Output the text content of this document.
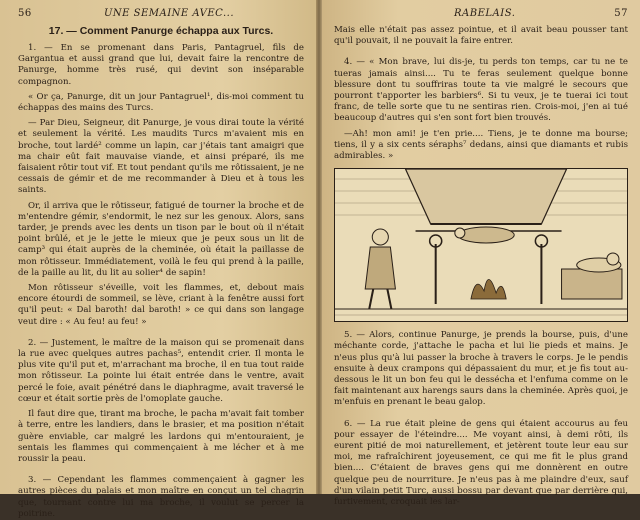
56	UNE SEMAINE AVEC...
17. — Comment Panurge échappa aux Turcs.

1. — En se promenant dans Paris, Pantagruel, fils de Gargantua et aussi grand que lui, devait faire la rencontre de Panurge, homme très rusé, qui devint son inséparable compagnon.

« Or ça, Panurge, dit un jour Pantagruel¹, dis-moi comment tu échappas des mains des Turcs.

— Par Dieu, Seigneur, dit Panurge, je vous dirai toute la vérité et seulement la vérité. Les maudits Turcs m'avaient mis en broche, tout lardé² comme un lapin, car j'étais tant amaigri que ma chair eût fait mauvaise viande, et ainsi préparé, ils me faisaient rôtir tout vif. Et tout pendant qu'ils me rôtissaient, je ne cessais de gémir et de me recommander à Dieu et à tous les saints.

Or, il arriva que le rôtisseur, fatigué de tourner la broche et de m'entendre gémir, s'endormit, le nez sur les genoux. Alors, sans tarder, je prends avec les dents un tison par le bout où il n'était point brûlé, et je le jette le mieux que je peux sous un lit de camp³ qui était auprès de la cheminée, où était la paillasse de mon rôtisseur. Immédiatement, voilà le feu qui prend à la paille, de la paille au lit, du lit au solier⁴ de sapin!

Mon rôtisseur s'éveille, voit les flammes, et, debout mais encore étourdi de sommeil, se lève, criant à la fenêtre aussi fort qu'il peut: « Dal baroth! dal baroth! » ce qui dans son langage veut dire : « Au feu! au feu! »

2. — Justement, le maître de la maison qui se promenait dans la rue avec quelques autres pachas⁵, entendit crier. Il monta le plus vite qu'il put et, m'arrachant ma broche, il en tua tout raide mon rôtisseur. La pointe lui était entrée dans le ventre, avait percé le foie, avait pénétré dans le diaphragme, avait traversé le cœur et était sortie près de l'omoplate gauche.

Il faut dire que, tirant ma broche, le pacha m'avait fait tomber à terre, entre les landiers, dans le brasier, et ma position n'était guère enviable, car malgré les lardons qui m'entouraient, je sentais les flammes qui commençaient à me lécher et à me roussir la peau.

3. — Cependant les flammes commençaient à gagner les autres pièces du palais et mon maître en conçut un tel chagrin que, tournant contre lui ma broche, il voulut se percer la poitrine.

RABELAIS.	57

Mais elle n'était pas assez pointue, et il avait beau pousser tant qu'il pouvait, il ne pouvait la faire entrer.

4. — « Mon brave, lui dis-je, tu perds ton temps, car tu ne te tueras jamais ainsi.... Tu te feras seulement quelque bonne blessure dont tu souffriras toute ta vie malgré le secours que pourront t'apporter les barbiers⁶. Si tu veux, je te tuerai ici tout franc, de telle sorte que tu ne sentiras rien. Crois-moi, j'en ai tué beaucoup d'autres qui s'en sont fort bien trouvés.

—Ah! mon ami! je t'en prie.... Tiens, je te donne ma bourse; tiens, il y a six cents séraphs⁷ dedans, ainsi que diamants et rubis admirables. »

5. — Alors, continue Panurge, je prends la bourse, puis, d'une méchante corde, j'attache le pacha et lui lie pieds et mains. Je n'eus plus qu'à lui passer la broche à travers le corps. Je le pendis ensuite à deux crampons qui dépassaient du mur, et je fis tout au-dessous le lit un bon feu qui le dessécha et l'enfuma comme on le fait maintenant aux harengs saurs dans la cheminée. Après quoi, je m'enfuis en prenant le beau galop.

6. — La rue était pleine de gens qui étaient accourus au feu pour essayer de l'éteindre.... Me voyant ainsi, à demi rôti, ils eurent pitié de moi naturellement, et jetèrent toute leur eau sur moi, me rafraîchirent joyeusement, ce qui me fit le plus grand bien.... C'étaient de braves gens qui me donnèrent en outre quelque peu de nourriture. Je n'eus pas à me plaindre d'eux, sauf d'un vilain petit Turc, aussi bossu par devant que par derrière qui, furtivement, croquait les lar-
